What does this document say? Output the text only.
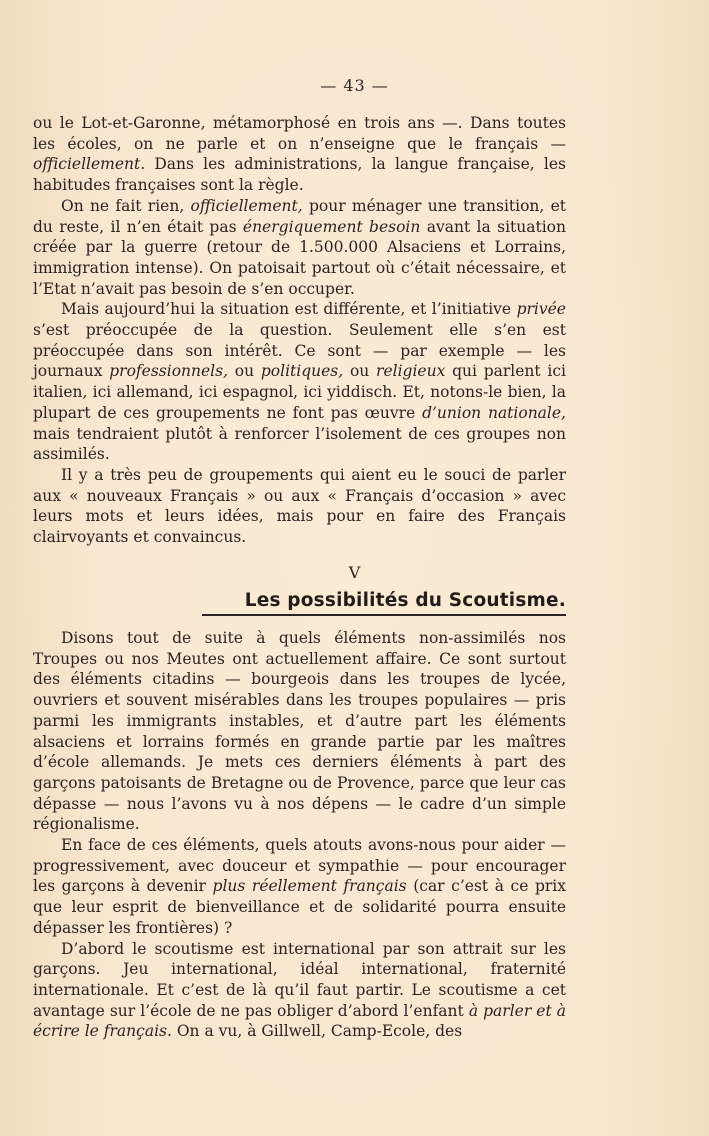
— 43 —

ou le Lot-et-Garonne, métamorphosé en trois ans —. Dans toutes les écoles, on ne parle et on n’enseigne que le français — officiellement. Dans les administrations, la langue française, les habitudes françaises sont la règle.

On ne fait rien, officiellement, pour ménager une transition, et du reste, il n’en était pas énergiquement besoin avant la situation créée par la guerre (retour de 1.500.000 Alsaciens et Lorrains, immigration intense). On patoisait partout où c’était nécessaire, et l’Etat n’avait pas besoin de s’en occuper.

Mais aujourd’hui la situation est différente, et l’initiative privée s’est préoccupée de la question. Seulement elle s’en est préoccupée dans son intérêt. Ce sont — par exemple — les journaux professionnels, ou politiques, ou religieux qui parlent ici italien, ici allemand, ici espagnol, ici yiddisch. Et, notons-le bien, la plupart de ces groupements ne font pas œuvre d’union nationale, mais tendraient plutôt à renforcer l’isolement de ces groupes non assimilés.

Il y a très peu de groupements qui aient eu le souci de parler aux « nouveaux Français » ou aux « Français d’occasion » avec leurs mots et leurs idées, mais pour en faire des Français clairvoyants et convaincus.

V
Les possibilités du Scoutisme.

Disons tout de suite à quels éléments non-assimilés nos Troupes ou nos Meutes ont actuellement affaire. Ce sont surtout des éléments citadins — bourgeois dans les troupes de lycée, ouvriers et souvent misérables dans les troupes populaires — pris parmi les immigrants instables, et d’autre part les éléments alsaciens et lorrains formés en grande partie par les maîtres d’école allemands. Je mets ces derniers éléments à part des garçons patoisants de Bretagne ou de Provence, parce que leur cas dépasse — nous l’avons vu à nos dépens — le cadre d’un simple régionalisme.

En face de ces éléments, quels atouts avons-nous pour aider — progressivement, avec douceur et sympathie — pour encourager les garçons à devenir plus réellement français (car c’est à ce prix que leur esprit de bienveillance et de solidarité pourra ensuite dépasser les frontières) ?

D’abord le scoutisme est international par son attrait sur les garçons. Jeu international, idéal international, fraternité internationale. Et c’est de là qu’il faut partir. Le scoutisme a cet avantage sur l’école de ne pas obliger d’abord l’enfant à parler et à écrire le français. On a vu, à Gillwell, Camp-Ecole, des
